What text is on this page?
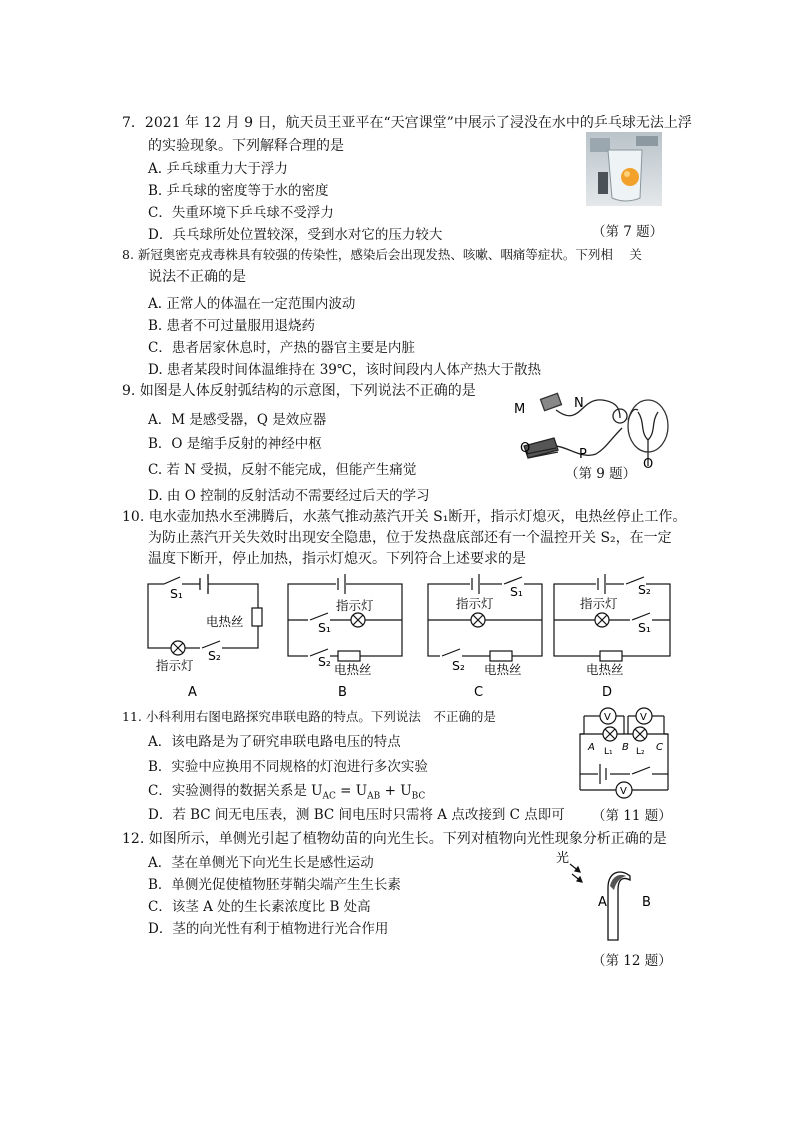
7．2021 年 12 月 9 日，航天员王亚平在“天宫课堂”中展示了浸没在水中的乒乓球无法上浮
的实验现象。下列解释合理的是
A. 乒乓球重力大于浮力
B. 乒乓球的密度等于水的密度
C．失重环境下乒乓球不受浮力
D．兵乓球所处位置较深，受到水对它的压力较大	（第 7 题）
8. 新冠奥密克戎毒株具有较强的传染性，感染后会出现发热、咳嗽、咽痛等症状。下列相　 关
说法不正确的是
A. 正常人的体温在一定范围内波动
B. 患者不可过量服用退烧药
C．患者居家休息时，产热的器官主要是内脏
D. 患者某段时间体温维持在 39℃，该时间段内人体产热大于散热
9. 如图是人体反射弧结构的示意图，下列说法不正确的是
A．M 是感受器，Q 是效应器
B．O 是缩手反射的神经中枢
C. 若 N 受损，反射不能完成，但能产生痛觉
D. 由 O 控制的反射活动不需要经过后天的学习
M	N
Q	P
O
（第 9 题）
10. 电水壶加热水至沸腾后，水蒸气推动蒸汽开关 S₁断开，指示灯熄灭，电热丝停止工作。
为防止蒸汽开关失效时出现安全隐患，位于发热盘底部还有一个温控开关 S₂，在一定
温度下断开，停止加热，指示灯熄灭。下列符合上述要求的是
S₁
电热丝
S₂
指示灯
指示灯
S₁
S₂
电热丝
指示灯
S₁
S₂ 电热丝
指示灯
S₂
S₁
电热丝
A	B	C	D
11. 小科利用右图电路探究串联电路的特点。下列说法　不正确的是
A．该电路是为了研究串联电路电压的特点
B．实验中应换用不同规格的灯泡进行多次实验
C．实验测得的数据关系是 $U_{AC} = U_{AB} + U_{BC}$
D．若 BC 间无电压表，测 BC 间电压时只需将 A 点改接到 C 点即可
V	V
V
A	B	C
L₁	L₂
（第 11 题）
12. 如图所示，单侧光引起了植物幼苗的向光生长。下列对植物向光性现象分析正确的是
A．茎在单侧光下向光生长是感性运动
B．单侧光促使植物胚芽鞘尖端产生生长素
C．该茎 A 处的生长素浓度比 B 处高
D．茎的向光性有利于植物进行光合作用
光
A	B
（第 12 题）
